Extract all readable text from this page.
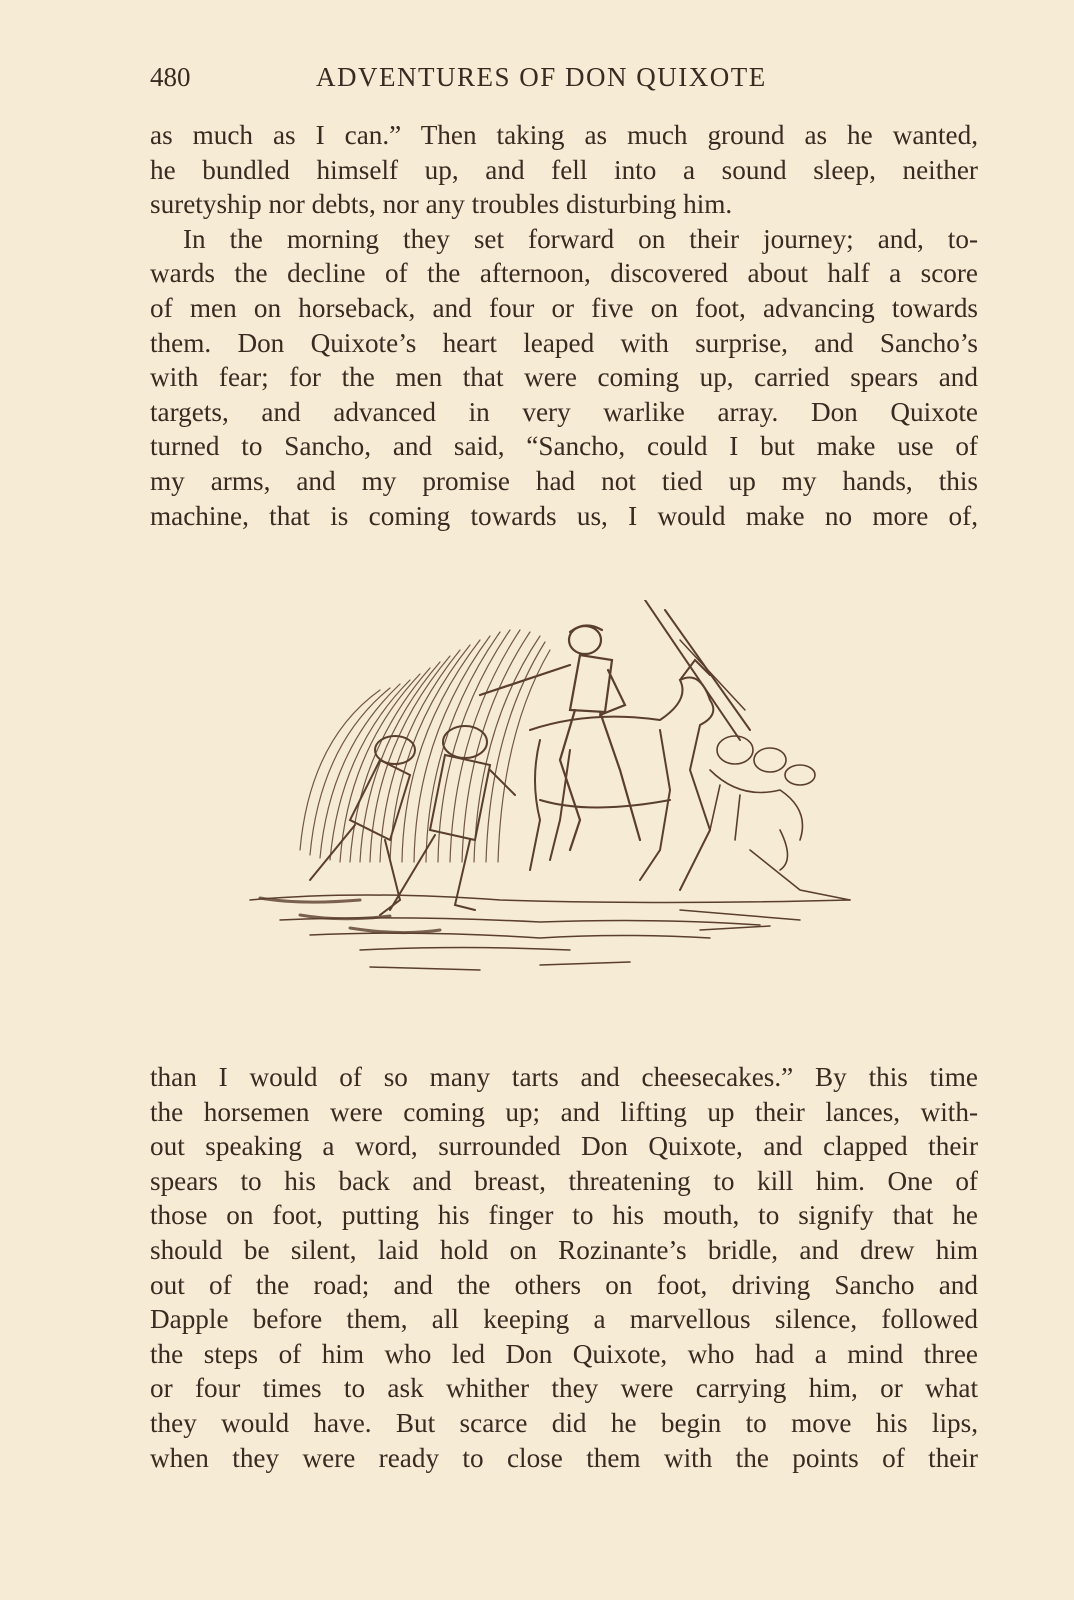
480	ADVENTURES OF DON QUIXOTE
as much as I can.” Then taking as much ground as he wanted,
he bundled himself up, and fell into a sound sleep, neither
suretyship nor debts, nor any troubles disturbing him.
In the morning they set forward on their journey; and, to-
wards the decline of the afternoon, discovered about half a score
of men on horseback, and four or five on foot, advancing towards
them. Don Quixote’s heart leaped with surprise, and Sancho’s
with fear; for the men that were coming up, carried spears and
targets, and advanced in very warlike array. Don Quixote
turned to Sancho, and said, “Sancho, could I but make use of
my arms, and my promise had not tied up my hands, this
machine, that is coming towards us, I would make no more of,
than I would of so many tarts and cheesecakes.” By this time
the horsemen were coming up; and lifting up their lances, with-
out speaking a word, surrounded Don Quixote, and clapped their
spears to his back and breast, threatening to kill him. One of
those on foot, putting his finger to his mouth, to signify that he
should be silent, laid hold on Rozinante’s bridle, and drew him
out of the road; and the others on foot, driving Sancho and
Dapple before them, all keeping a marvellous silence, followed
the steps of him who led Don Quixote, who had a mind three
or four times to ask whither they were carrying him, or what
they would have. But scarce did he begin to move his lips,
when they were ready to close them with the points of their
